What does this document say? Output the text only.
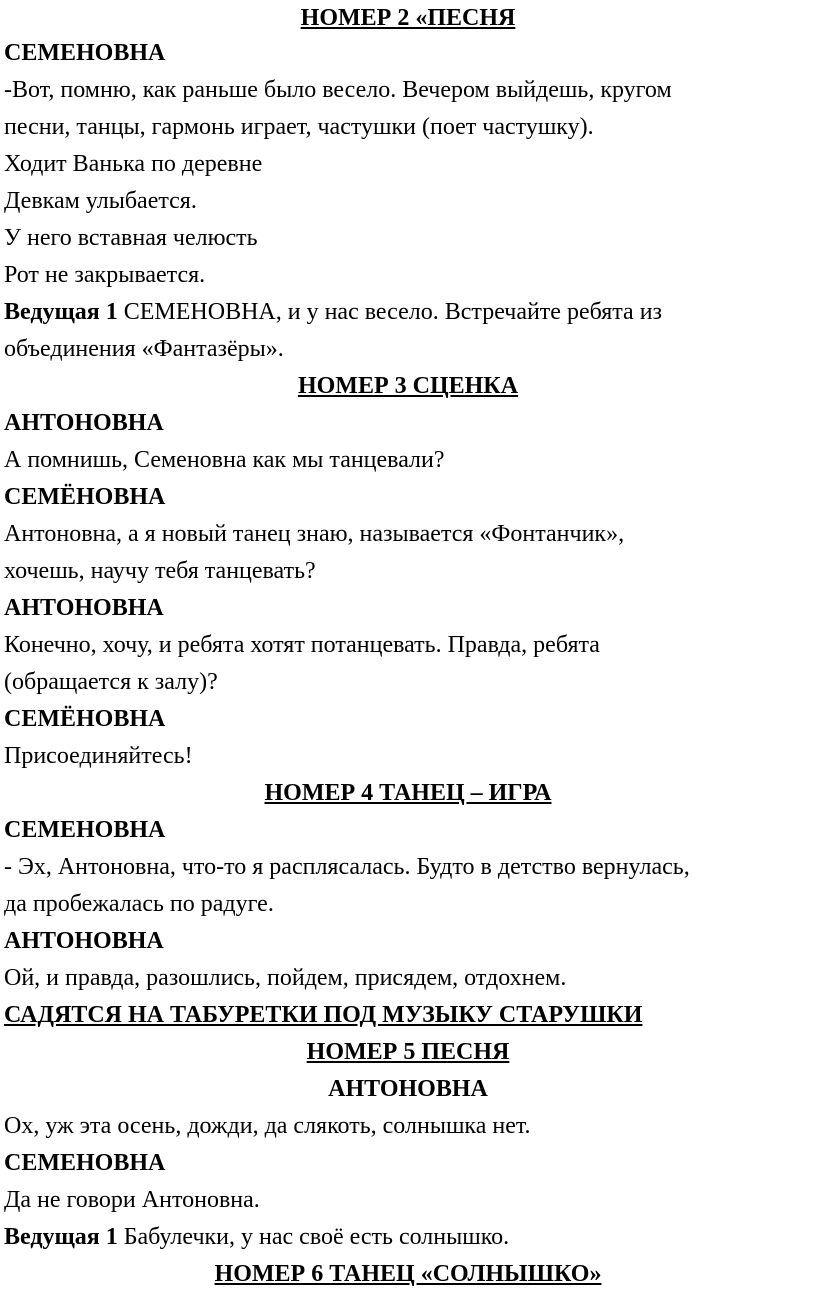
НОМЕР 2 «ПЕСНЯ
СЕМЕНОВНА
-Вот, помню, как раньше было весело. Вечером выйдешь, кругом
песни, танцы, гармонь играет, частушки (поет частушку).
Ходит Ванька по деревне
Девкам улыбается.
У него вставная челюсть
Рот не закрывается.
Ведущая 1 СЕМЕНОВНА, и у нас весело. Встречайте ребята из
объединения «Фантазёры».
НОМЕР 3 СЦЕНКА
АНТОНОВНА
А помнишь, Семеновна как мы танцевали?
СЕМЁНОВНА
Антоновна, а я новый танец знаю, называется «Фонтанчик»,
хочешь, научу тебя танцевать?
АНТОНОВНА
Конечно, хочу, и ребята хотят потанцевать. Правда, ребята
(обращается к залу)?
СЕМЁНОВНА
Присоединяйтесь!
НОМЕР 4 ТАНЕЦ – ИГРА
СЕМЕНОВНА
- Эх, Антоновна, что-то я расплясалась. Будто в детство вернулась,
да пробежалась по радуге.
АНТОНОВНА
Ой, и правда, разошлись, пойдем, присядем, отдохнем.
САДЯТСЯ НА ТАБУРЕТКИ ПОД МУЗЫКУ СТАРУШКИ
НОМЕР 5 ПЕСНЯ
АНТОНОВНА
Ох, уж эта осень, дожди, да слякоть, солнышка нет.
СЕМЕНОВНА
Да не говори Антоновна.
Ведущая 1 Бабулечки, у нас своё есть солнышко.
НОМЕР 6 ТАНЕЦ «СОЛНЫШКО»
